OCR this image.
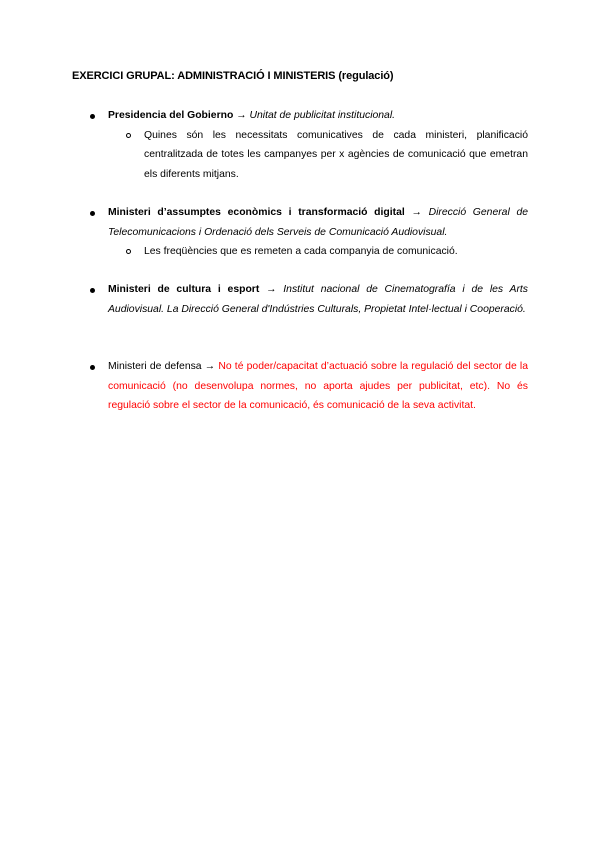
EXERCICI GRUPAL: ADMINISTRACIÓ I MINISTERIS (regulació)
Presidencia del Gobierno → Unitat de publicitat institucional.
Quines són les necessitats comunicatives de cada ministeri, planificació centralitzada de totes les campanyes per x agències de comunicació que emetran els diferents mitjans.
Ministeri d’assumptes econòmics i transformació digital → Direcció General de Telecomunicacions i Ordenació dels Serveis de Comunicació Audiovisual.
Les freqüències que es remeten a cada companyia de comunicació.
Ministeri de cultura i esport → Institut nacional de Cinematografía i de les Arts Audiovisual. La Direcció General d'Indústries Culturals, Propietat Intel·lectual i Cooperació.
Ministeri de defensa → No té poder/capacitat d’actuació sobre la regulació del sector de la comunicació (no desenvolupa normes, no aporta ajudes per publicitat, etc). No és regulació sobre el sector de la comunicació, és comunicació de la seva activitat.
